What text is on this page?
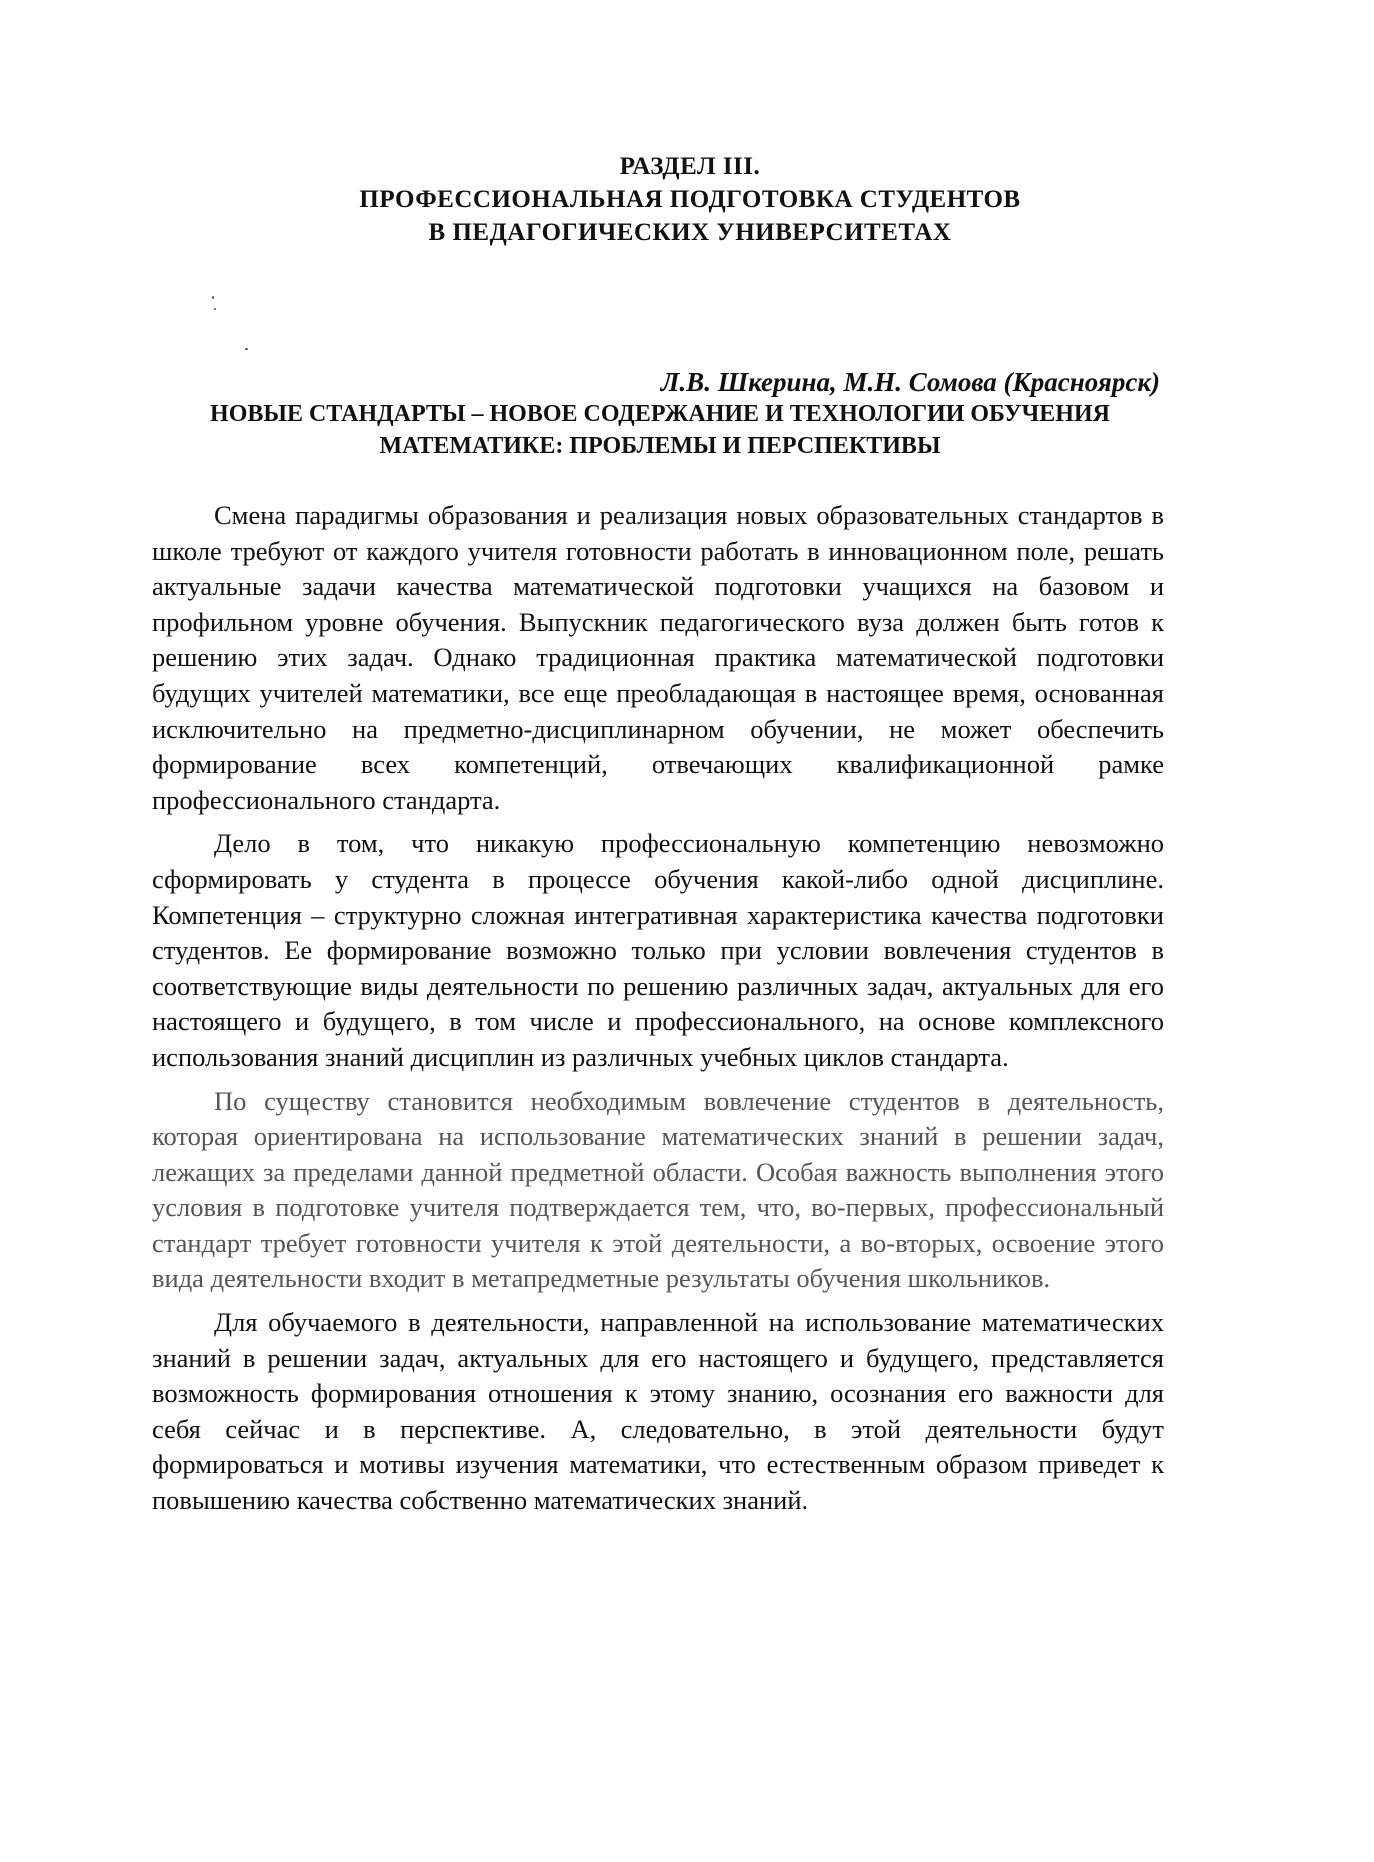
РАЗДЕЛ III.
ПРОФЕССИОНАЛЬНАЯ ПОДГОТОВКА СТУДЕНТОВ
В ПЕДАГОГИЧЕСКИХ УНИВЕРСИТЕТАХ
Л.В. Шкерина, М.Н. Сомова (Красноярск)
НОВЫЕ СТАНДАРТЫ – НОВОЕ СОДЕРЖАНИЕ И ТЕХНОЛОГИИ ОБУЧЕНИЯ
МАТЕМАТИКЕ: ПРОБЛЕМЫ И ПЕРСПЕКТИВЫ

Смена парадигмы образования и реализация новых образовательных стандартов в школе требуют от каждого учителя готовности работать в инновационном поле, решать актуальные задачи качества математической подготовки учащихся на базовом и профильном уровне обучения. Выпускник педагогического вуза должен быть готов к решению этих задач. Однако традиционная практика математической подготовки будущих учителей математики, все еще преобладающая в настоящее время, основанная исключительно на предметно-дисциплинарном обучении, не может обеспечить формирование всех компетенций, отвечающих квалификационной рамке профессионального стандарта.

Дело в том, что никакую профессиональную компетенцию невозможно сформировать у студента в процессе обучения какой-либо одной дисциплине. Компетенция – структурно сложная интегративная характеристика качества подготовки студентов. Ее формирование возможно только при условии вовлечения студентов в соответствующие виды деятельности по решению различных задач, актуальных для его настоящего и будущего, в том числе и профессионального, на основе комплексного использования знаний дисциплин из различных учебных циклов стандарта.

По существу становится необходимым вовлечение студентов в деятельность, которая ориентирована на использование математических знаний в решении задач, лежащих за пределами данной предметной области. Особая важность выполнения этого условия в подготовке учителя подтверждается тем, что, во-первых, профессиональный стандарт требует готовности учителя к этой деятельности, а во-вторых, освоение этого вида деятельности входит в метапредметные результаты обучения школьников.

Для обучаемого в деятельности, направленной на использование математических знаний в решении задач, актуальных для его настоящего и будущего, представляется возможность формирования отношения к этому знанию, осознания его важности для себя сейчас и в перспективе. А, следовательно, в этой деятельности будут формироваться и мотивы изучения математики, что естественным образом приведет к повышению качества собственно математических знаний.
